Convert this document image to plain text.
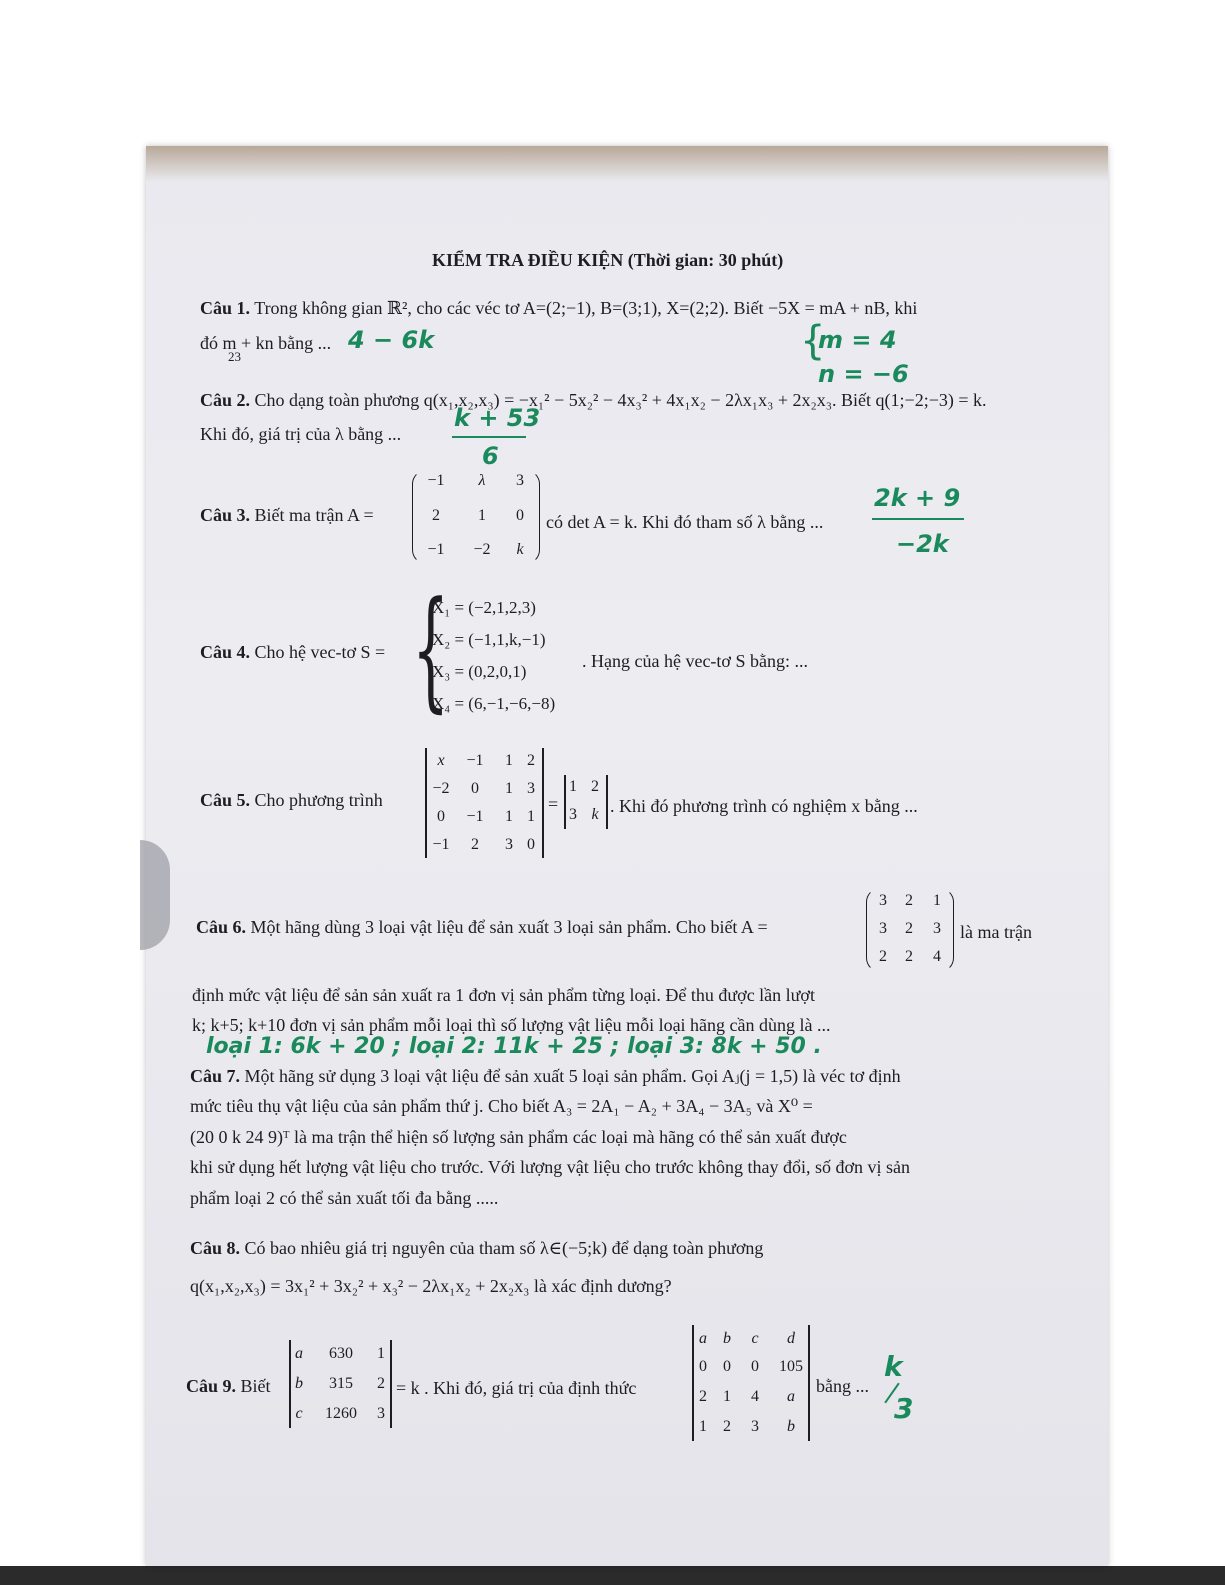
KIỂM TRA ĐIỀU KIỆN (Thời gian: 30 phút)
Câu 1. Trong không gian ℝ², cho các véc tơ A=(2;−1), B=(3;1), X=(2;2). Biết −5X = mA + nB, khi
đó m + kn bằng ...
23
4 − 6k	{
m = 4
n = −6
Câu 2. Cho dạng toàn phương q(x₁,x₂,x₃) = −x₁² − 5x₂² − 4x₃² + 4x₁x₂ − 2λx₁x₃ + 2x₂x₃. Biết q(1;−2;−3) = k.
Khi đó, giá trị của λ bằng ...
k + 53
6
Câu 3. Biết ma trận A =
−1	λ	3
2	1	0
−1	−2	k
có det A = k. Khi đó tham số λ bằng ...
2k + 9
−2k
Câu 4. Cho hệ vec-tơ S = {
X₁ = (−2,1,2,3)
X₂ = (−1,1,k,−1)
X₃ = (0,2,0,1)
X₄ = (6,−1,−6,−8)
. Hạng của hệ vec-tơ S bằng: ...
Câu 5. Cho phương trình
x	−1	1 2
−2	0	1 3
0	−1	1 1
−1	2	3 0
=
1 2
3 k . Khi đó phương trình có nghiệm x bằng ...
Câu 6. Một hãng dùng 3 loại vật liệu để sản xuất 3 loại sản phẩm. Cho biết A =
3	2	1
3	2	3
2	2	4
là ma trận
định mức vật liệu để sản sản xuất ra 1 đơn vị sản phẩm từng loại. Để thu được lần lượt
k; k+5; k+10 đơn vị sản phẩm mỗi loại thì số lượng vật liệu mỗi loại hãng cần dùng là ...
loại 1: 6k + 20 ; loại 2: 11k + 25 ; loại 3: 8k + 50 .
Câu 7. Một hãng sử dụng 3 loại vật liệu để sản xuất 5 loại sản phẩm. Gọi Aⱼ(j = 1,5) là véc tơ định
mức tiêu thụ vật liệu của sản phẩm thứ j. Cho biết A₃ = 2A₁ − A₂ + 3A₄ − 3A₅ và X⁰ =
(20 0 k 24 9)ᵀ là ma trận thể hiện số lượng sản phẩm các loại mà hãng có thể sản xuất được
khi sử dụng hết lượng vật liệu cho trước. Với lượng vật liệu cho trước không thay đổi, số đơn vị sản
phẩm loại 2 có thể sản xuất tối đa bằng .....
Câu 8. Có bao nhiêu giá trị nguyên của tham số λ∈(−5;k) để dạng toàn phương
q(x₁,x₂,x₃) = 3x₁² + 3x₂² + x₃² − 2λx₁x₂ + 2x₂x₃ là xác định dương?
Câu 9. Biết
a	630	1
b	315	2
c	1260	3
= k . Khi đó, giá trị của định thức
a	b	c	d
0	0	0	105
2	1	4	a
1	2	3	b
bằng ...
k
3
